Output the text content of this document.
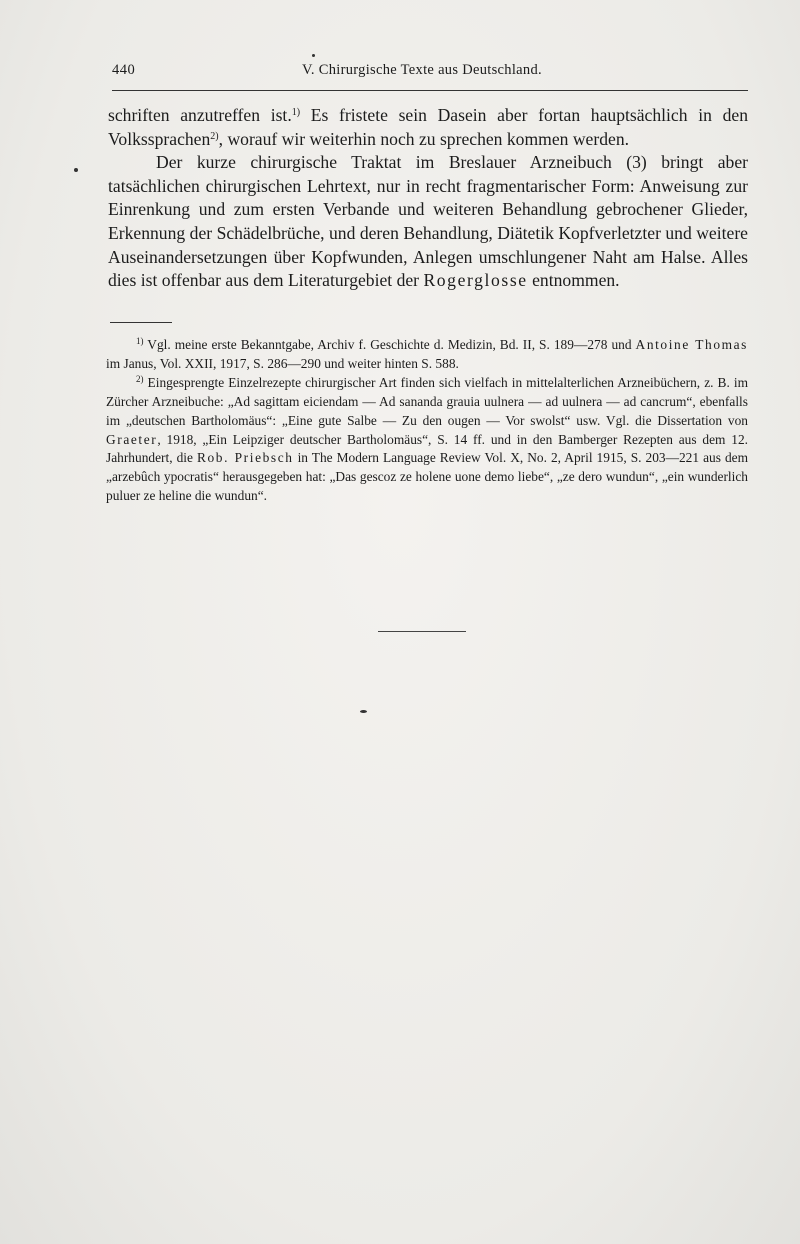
440	V. Chirurgische Texte aus Deutschland.

schriften anzutreffen ist.$^{1)}$ Es fristete sein Dasein aber fortan hauptsächlich in den Volkssprachen$^{2)}$, worauf wir weiterhin noch zu sprechen kommen werden.

Der kurze chirurgische Traktat im Breslauer Arzneibuch (3) bringt aber tatsächlichen chirurgischen Lehrtext, nur in recht fragmentarischer Form: Anweisung zur Einrenkung und zum ersten Verbande und weiteren Behandlung gebrochener Glieder, Erkennung der Schädelbrüche, und deren Behandlung, Diätetik Kopfverletzter und weitere Auseinandersetzungen über Kopfwunden, Anlegen umschlungener Naht am Halse. Alles dies ist offenbar aus dem Literaturgebiet der Rogerglosse entnommen.

$^{1)}$ Vgl. meine erste Bekanntgabe, Archiv f. Geschichte d. Medizin, Bd. II, S. 189—278 und Antoine Thomas im Janus, Vol. XXII, 1917, S. 286—290 und weiter hinten S. 588.

$^{2)}$ Eingesprengte Einzelrezepte chirurgischer Art finden sich vielfach in mittelalterlichen Arzneibüchern, z. B. im Zürcher Arzneibuche: „Ad sagittam eiciendam — Ad sananda grauia uulnera — ad uulnera — ad cancrum“, ebenfalls im „deutschen Bartholomäus“: „Eine gute Salbe — Zu den ougen — Vor swolst“ usw. Vgl. die Dissertation von Graeter, 1918, „Ein Leipziger deutscher Bartholomäus“, S. 14 ff. und in den Bamberger Rezepten aus dem 12. Jahrhundert, die Rob. Priebsch in The Modern Language Review Vol. X, No. 2, April 1915, S. 203—221 aus dem „arzebûch ypocratis“ herausgegeben hat: „Das gescoz ze holene uone demo liebe“, „ze dero wundun“, „ein wunderlich puluer ze heline die wundun“.
